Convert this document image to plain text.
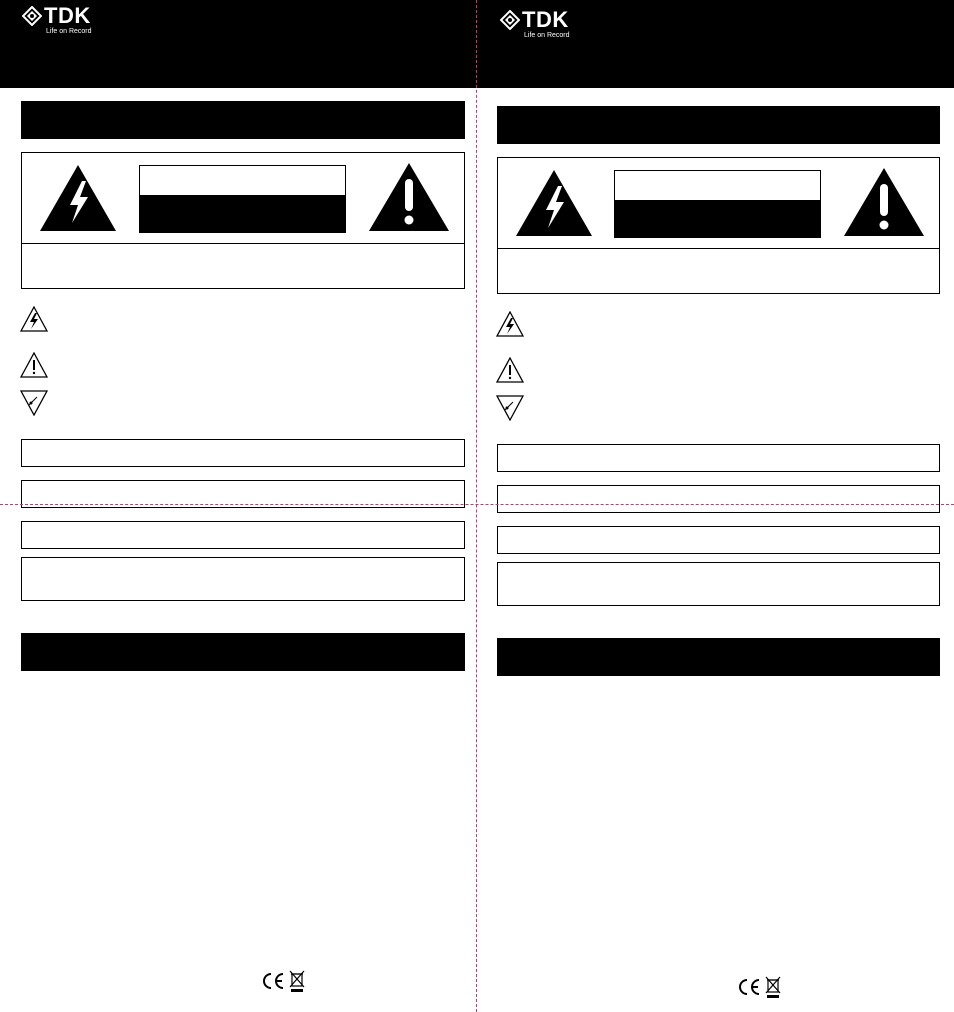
TDK
Life on Record	TDK
Life on Record
